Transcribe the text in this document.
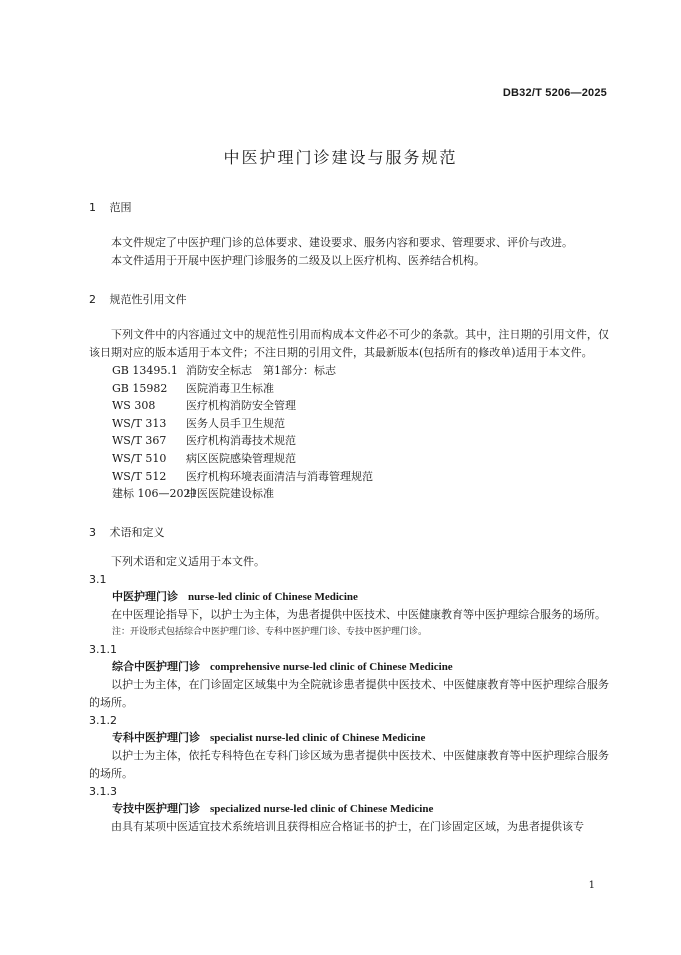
DB32/T 5206—2025
中医护理门诊建设与服务规范
1 范围

本文件规定了中医护理门诊的总体要求、建设要求、服务内容和要求、管理要求、评价与改进。

本文件适用于开展中医护理门诊服务的二级及以上医疗机构、医养结合机构。

2 规范性引用文件

下列文件中的内容通过文中的规范性引用而构成本文件必不可少的条款。其中，注日期的引用文件，仅该日期对应的版本适用于本文件；不注日期的引用文件，其最新版本(包括所有的修改单)适用于本文件。

GB 13495.1 消防安全标志　第1部分：标志

GB 15982 医院消毒卫生标准

WS 308	医疗机构消防安全管理

WS/T 313 医务人员手卫生规范

WS/T 367 医疗机构消毒技术规范

WS/T 510 病区医院感染管理规范

WS/T 512 医疗机构环境表面清洁与消毒管理规范

建标 106—2021中医医院建设标准

3 术语和定义

下列术语和定义适用于本文件。

3.1

中医护理门诊 nurse-led clinic of Chinese Medicine

在中医理论指导下，以护士为主体，为患者提供中医技术、中医健康教育等中医护理综合服务的场所。

注：开设形式包括综合中医护理门诊、专科中医护理门诊、专技中医护理门诊。

3.1.1

综合中医护理门诊 comprehensive nurse-led clinic of Chinese Medicine

以护士为主体，在门诊固定区域集中为全院就诊患者提供中医技术、中医健康教育等中医护理综合服务的场所。

3.1.2

专科中医护理门诊 specialist nurse-led clinic of Chinese Medicine

以护士为主体，依托专科特色在专科门诊区域为患者提供中医技术、中医健康教育等中医护理综合服务的场所。

3.1.3

专技中医护理门诊 specialized nurse-led clinic of Chinese Medicine

由具有某项中医适宜技术系统培训且获得相应合格证书的护士，在门诊固定区域，为患者提供该专

1
